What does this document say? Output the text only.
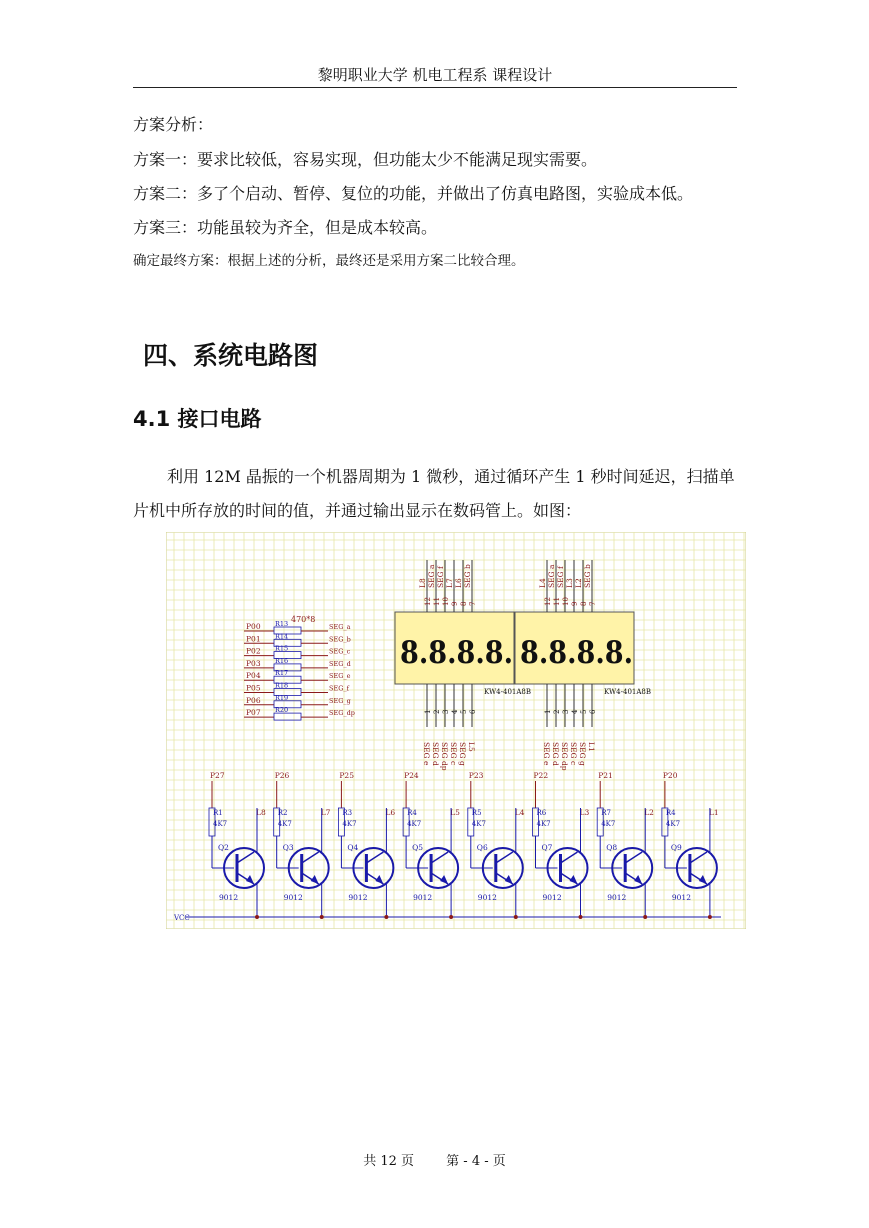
黎明职业大学 机电工程系 课程设计
方案分析：
方案一：要求比较低，容易实现，但功能太少不能满足现实需要。
方案二：多了个启动、暂停、复位的功能，并做出了仿真电路图，实验成本低。
方案三：功能虽较为齐全，但是成本较高。
确定最终方案：根据上述的分析，最终还是采用方案二比较合理。
四、系统电路图
4.1 接口电路
利用 12M 晶振的一个机器周期为 1 微秒，通过循环产生 1 秒时间延迟，扫描单片机中所存放的时间的值，并通过输出显示在数码管上。如图：
470*8
P00 R13	SEG_a
P01 R14	SEG_b
P02 R15	SEG_c
P03 R16	SEG_d
P04 R17	SEG_e
P05 R18	SEG_f
P06 R19	SEG_g
P07 R20	SEG_dp
8.8.8.8.
KW4-401A8B
L8
12
1
SEG e
SEG a
11
2
SEG d
SEG f
10
3
SEG dp
L7
9
4
SEG c
L6
8
5
SEG g
SEG b
7
6
L5
8.8.8.8.
KW4-401A8B
L4
12
1
SEG e
SEG a
11
2
SEG d
SEG f
10
3
SEG dp
L3
9
4
SEG c
L2
8
5
SEG g
SEG b
7
6
L1
VCC
P27
R1
4K7
L8
Q2
9012
P26
R2
4K7
L7
Q3
9012
P25
R3
4K7
L6
Q4
9012
P24
R4
4K7
L5
Q5
9012
P23
R5
4K7
L4
Q6
9012
P22
R6
4K7
L3
Q7
9012
P21
R7
4K7
L2
Q8
9012
P20
R4
4K7
L1
Q9
9012
共 12 页 第 - 4 - 页
